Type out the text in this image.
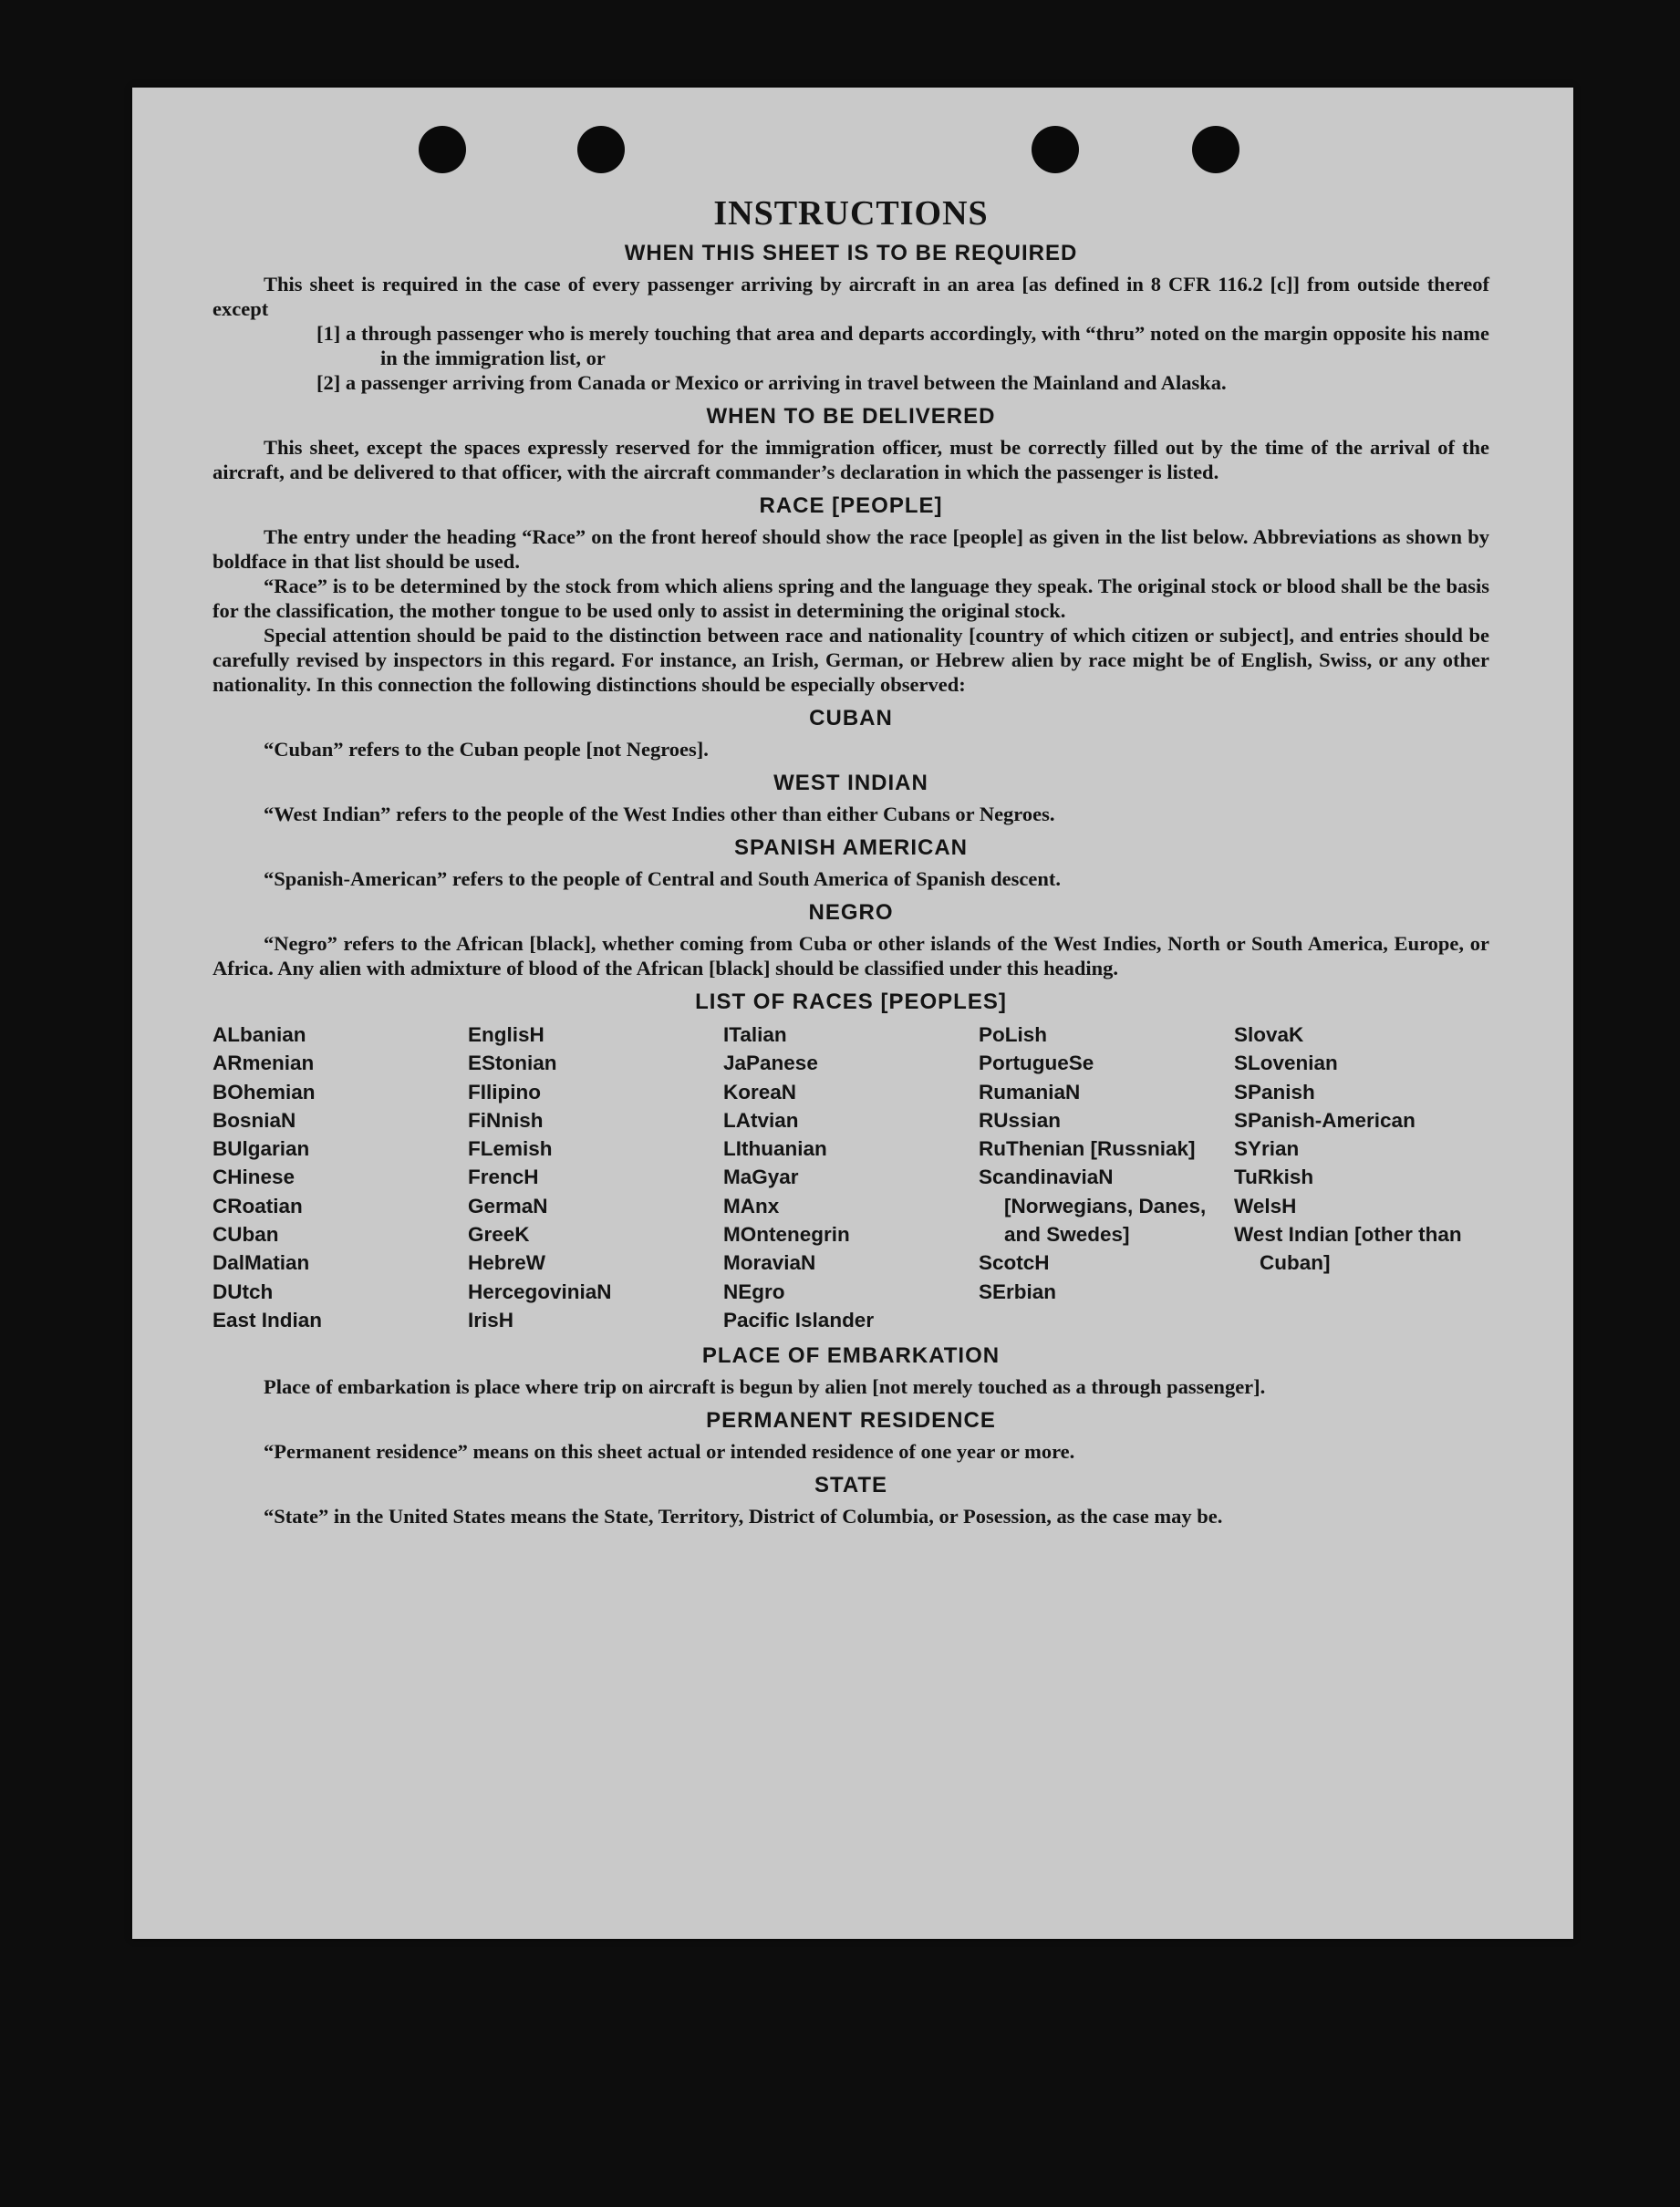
INSTRUCTIONS
WHEN THIS SHEET IS TO BE REQUIRED

This sheet is required in the case of every passenger arriving by aircraft in an area [as defined in 8 CFR 116.2 [c]] from outside thereof except

[1] a through passenger who is merely touching that area and departs accordingly, with “thru” noted on the margin opposite his name in the immigration list, or
[2] a passenger arriving from Canada or Mexico or arriving in travel between the Mainland and Alaska.
WHEN TO BE DELIVERED

This sheet, except the spaces expressly reserved for the immigration officer, must be correctly filled out by the time of the arrival of the aircraft, and be delivered to that officer, with the aircraft commander’s declaration in which the passenger is listed.

RACE [PEOPLE]

The entry under the heading “Race” on the front hereof should show the race [people] as given in the list below. Abbreviations as shown by boldface in that list should be used.

“Race” is to be determined by the stock from which aliens spring and the language they speak. The original stock or blood shall be the basis for the classification, the mother tongue to be used only to assist in determining the original stock.

Special attention should be paid to the distinction between race and nationality [country of which citizen or subject], and entries should be carefully revised by inspectors in this regard. For instance, an Irish, German, or Hebrew alien by race might be of English, Swiss, or any other nationality. In this connection the following distinctions should be especially observed:

CUBAN

“Cuban” refers to the Cuban people [not Negroes].

WEST INDIAN

“West Indian” refers to the people of the West Indies other than either Cubans or Negroes.

SPANISH AMERICAN

“Spanish-American” refers to the people of Central and South America of Spanish descent.

NEGRO

“Negro” refers to the African [black], whether coming from Cuba or other islands of the West Indies, North or South America, Europe, or Africa. Any alien with admixture of blood of the African [black] should be classified under this heading.

LIST OF RACES [PEOPLES]
ALbanian
ARmenian
BOhemian
BosniaN
BUlgarian
CHinese
CRoatian
CUban
DalMatian
DUtch
East Indian
EnglisH
EStonian
FIlipino
FiNnish
FLemish
FrencH
GermaN
GreeK
HebreW
HercegoviniaN
IrisH
ITalian
JaPanese
KoreaN
LAtvian
LIthuanian
MaGyar
MAnx
MOntenegrin
MoraviaN
NEgro
Pacific Islander
PoLish
PortugueSe
RumaniaN
RUssian
RuThenian [Russniak]
ScandinaviaN [Norwegians, Danes, and Swedes]
ScotcH
SErbian
SlovaK
SLovenian
SPanish
SPanish-American
SYrian
TuRkish
WelsH
West Indian [other than Cuban]
PLACE OF EMBARKATION

Place of embarkation is place where trip on aircraft is begun by alien [not merely touched as a through passenger].

PERMANENT RESIDENCE

“Permanent residence” means on this sheet actual or intended residence of one year or more.

STATE

“State” in the United States means the State, Territory, District of Columbia, or Posession, as the case may be.
